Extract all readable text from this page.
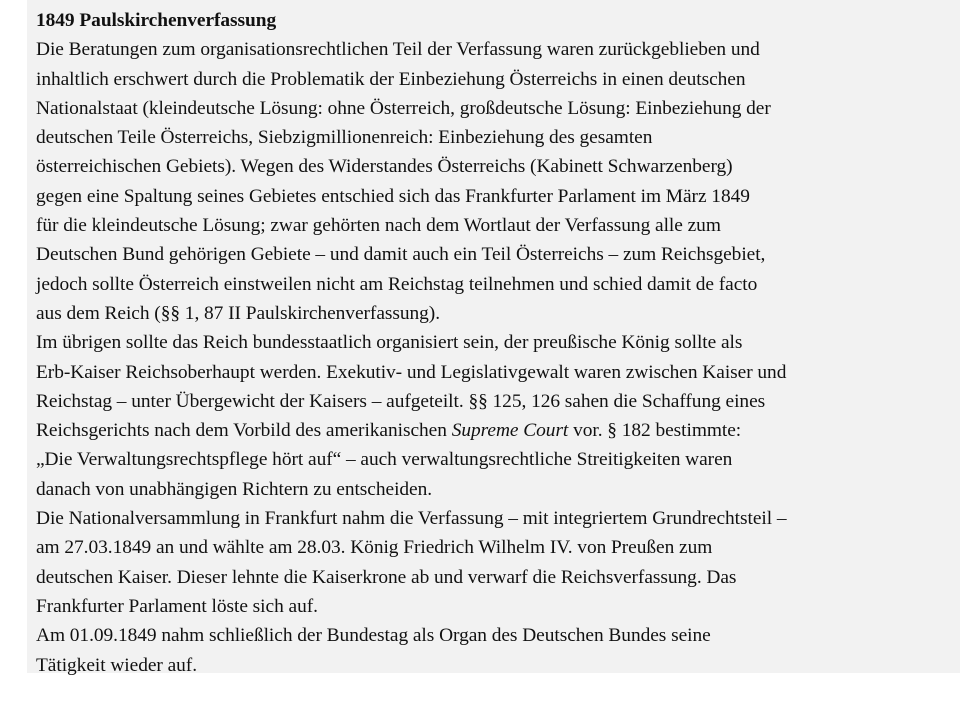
1849 Paulskirchenverfassung
Die Beratungen zum organisationsrechtlichen Teil der Verfassung waren zurückgeblieben und
inhaltlich erschwert durch die Problematik der Einbeziehung Österreichs in einen deutschen
Nationalstaat (kleindeutsche Lösung: ohne Österreich, großdeutsche Lösung: Einbeziehung der
deutschen Teile Österreichs, Siebzigmillionenreich: Einbeziehung des gesamten
österreichischen Gebiets). Wegen des Widerstandes Österreichs (Kabinett Schwarzenberg)
gegen eine Spaltung seines Gebietes entschied sich das Frankfurter Parlament im März 1849
für die kleindeutsche Lösung; zwar gehörten nach dem Wortlaut der Verfassung alle zum
Deutschen Bund gehörigen Gebiete – und damit auch ein Teil Österreichs – zum Reichsgebiet,
jedoch sollte Österreich einstweilen nicht am Reichstag teilnehmen und schied damit de facto
aus dem Reich (§§ 1, 87 II Paulskirchenverfassung).
Im übrigen sollte das Reich bundesstaatlich organisiert sein, der preußische König sollte als
Erb-Kaiser Reichsoberhaupt werden. Exekutiv- und Legislativgewalt waren zwischen Kaiser und
Reichstag – unter Übergewicht der Kaisers – aufgeteilt. §§ 125, 126 sahen die Schaffung eines
Reichsgerichts nach dem Vorbild des amerikanischen Supreme Court vor. § 182 bestimmte:
„Die Verwaltungsrechtspflege hört auf“ – auch verwaltungsrechtliche Streitigkeiten waren
danach von unabhängigen Richtern zu entscheiden.
Die Nationalversammlung in Frankfurt nahm die Verfassung – mit integriertem Grundrechtsteil –
am 27.03.1849 an und wählte am 28.03. König Friedrich Wilhelm IV. von Preußen zum
deutschen Kaiser. Dieser lehnte die Kaiserkrone ab und verwarf die Reichsverfassung. Das
Frankfurter Parlament löste sich auf.
Am 01.09.1849 nahm schließlich der Bundestag als Organ des Deutschen Bundes seine
Tätigkeit wieder auf.
